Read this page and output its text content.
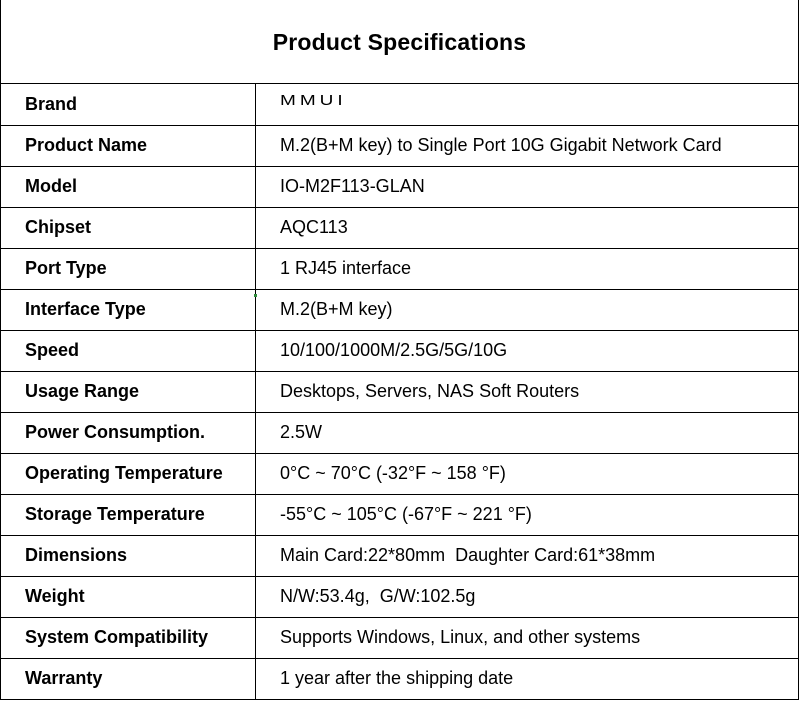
Product Specifications
Brand	MMUI
Product Name	M.2(B+M key) to Single Port 10G Gigabit Network Card
Model	IO-M2F113-GLAN
Chipset	AQC113
Port Type	1 RJ45 interface
Interface Type	M.2(B+M key)
Speed	10/100/1000M/2.5G/5G/10G
Usage Range	Desktops, Servers, NAS Soft Routers
Power Consumption.	2.5W
Operating Temperature	0°C ~ 70°C (-32°F ~ 158 °F)
Storage Temperature	-55°C ~ 105°C (-67°F ~ 221 °F)
Dimensions	Main Card:22*80mm  Daughter Card:61*38mm
Weight	N/W:53.4g,  G/W:102.5g
System Compatibility	Supports Windows, Linux, and other systems
Warranty	1 year after the shipping date
